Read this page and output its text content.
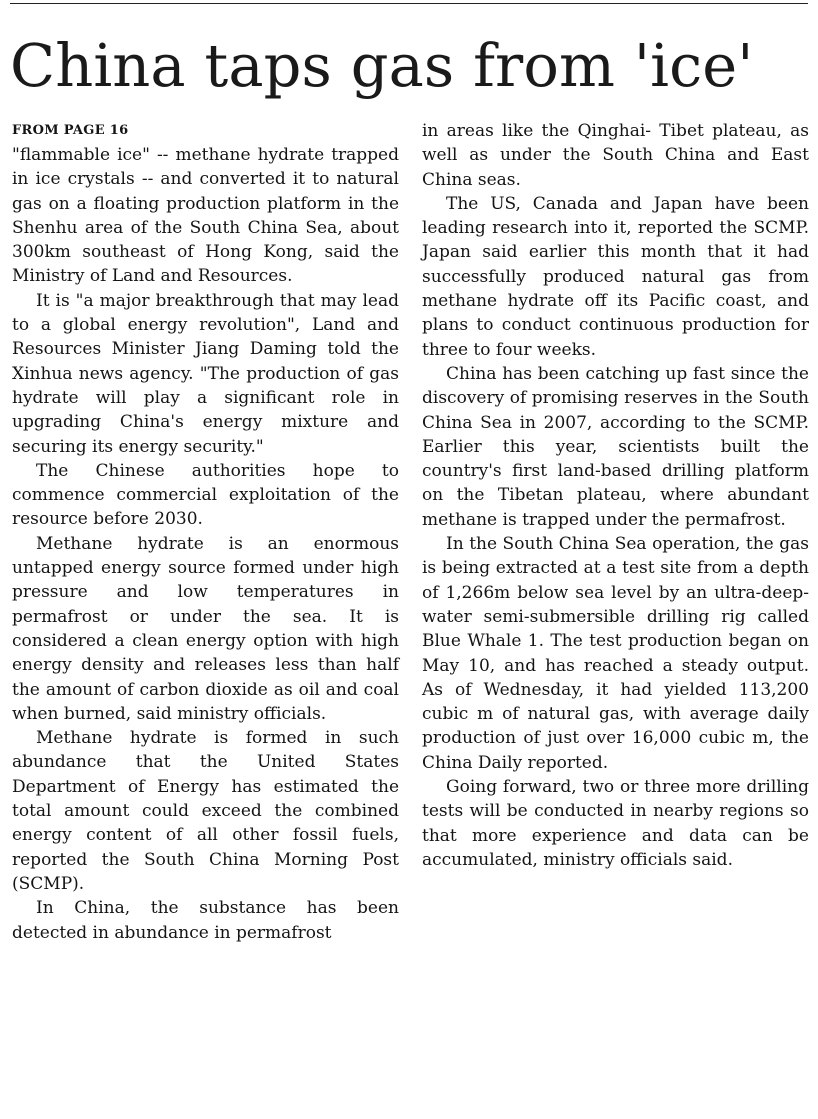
China taps gas from 'ice'
FROM PAGE 16

"flammable ice" -- methane hydrate trapped in ice crystals -- and converted it to natural gas on a floating production platform in the Shenhu area of the South China Sea, about 300km southeast of Hong Kong, said the Ministry of Land and Resources.

It is "a major breakthrough that may lead to a global energy revolution", Land and Resources Minister Jiang Daming told the Xinhua news agency. "The production of gas hydrate will play a significant role in upgrading China's energy mixture and securing its energy security."

The Chinese authorities hope to commence commercial exploitation of the resource before 2030.

Methane hydrate is an enormous untapped energy source formed under high pressure and low temperatures in permafrost or under the sea. It is considered a clean energy option with high energy density and releases less than half the amount of carbon dioxide as oil and coal when burned, said ministry officials.

Methane hydrate is formed in such abundance that the United States Department of Energy has estimated the total amount could exceed the combined energy content of all other fossil fuels, reported the South China Morning Post (SCMP).

In China, the substance has been detected in abundance in permafrost

in areas like the Qinghai- Tibet plateau, as well as under the South China and East China seas.

The US, Canada and Japan have been leading research into it, reported the SCMP. Japan said earlier this month that it had successfully produced natural gas from methane hydrate off its Pacific coast, and plans to conduct continuous production for three to four weeks.

China has been catching up fast since the discovery of promising reserves in the South China Sea in 2007, according to the SCMP. Earlier this year, scientists built the country's first land-based drilling platform on the Tibetan plateau, where abundant methane is trapped under the permafrost.

In the South China Sea operation, the gas is being extracted at a test site from a depth of 1,266m below sea level by an ultra-deep-water semi-submersible drilling rig called Blue Whale 1. The test production began on May 10, and has reached a steady output. As of Wednesday, it had yielded 113,200 cubic m of natural gas, with average daily production of just over 16,000 cubic m, the China Daily reported.

Going forward, two or three more drilling tests will be conducted in nearby regions so that more experience and data can be accumulated, ministry officials said.
